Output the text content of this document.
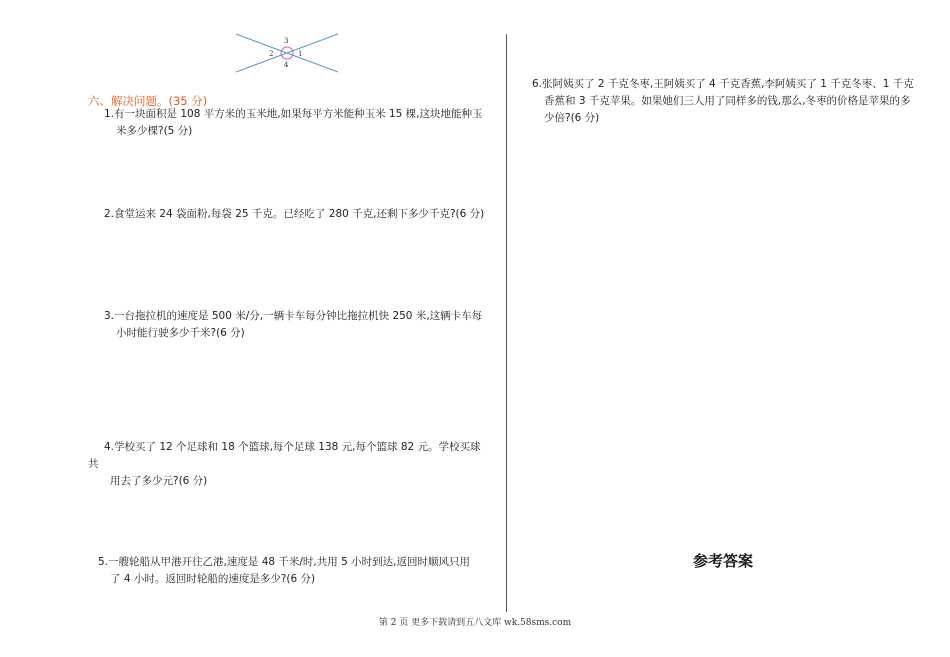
3
2	1
4
六、解决问题。(35 分)
1.有一块面积是 108 平方米的玉米地,如果每平方米能种玉米 15 棵,这块地能种玉
米多少棵?(5 分)
2.食堂运来 24 袋面粉,每袋 25 千克。已经吃了 280 千克,还剩下多少千克?(6 分)
3.一台拖拉机的速度是 500 米/分,一辆卡车每分钟比拖拉机快 250 米,这辆卡车每
小时能行驶多少千米?(6 分)
4.学校买了 12 个足球和 18 个篮球,每个足球 138 元,每个篮球 82 元。学校买球
共
用去了多少元?(6 分)
5.一艘轮船从甲港开往乙港,速度是 48 千米/时,共用 5 小时到达,返回时顺风只用
了 4 小时。返回时轮船的速度是多少?(6 分)
6.张阿姨买了 2 千克冬枣,王阿姨买了 4 千克香蕉,李阿姨买了 1 千克冬枣、1 千克
香蕉和 3 千克苹果。如果她们三人用了同样多的钱,那么,冬枣的价格是苹果的多
少倍?(6 分)
参考答案
第 2 页 更多下载请到五八文库 wk.58sms.com
